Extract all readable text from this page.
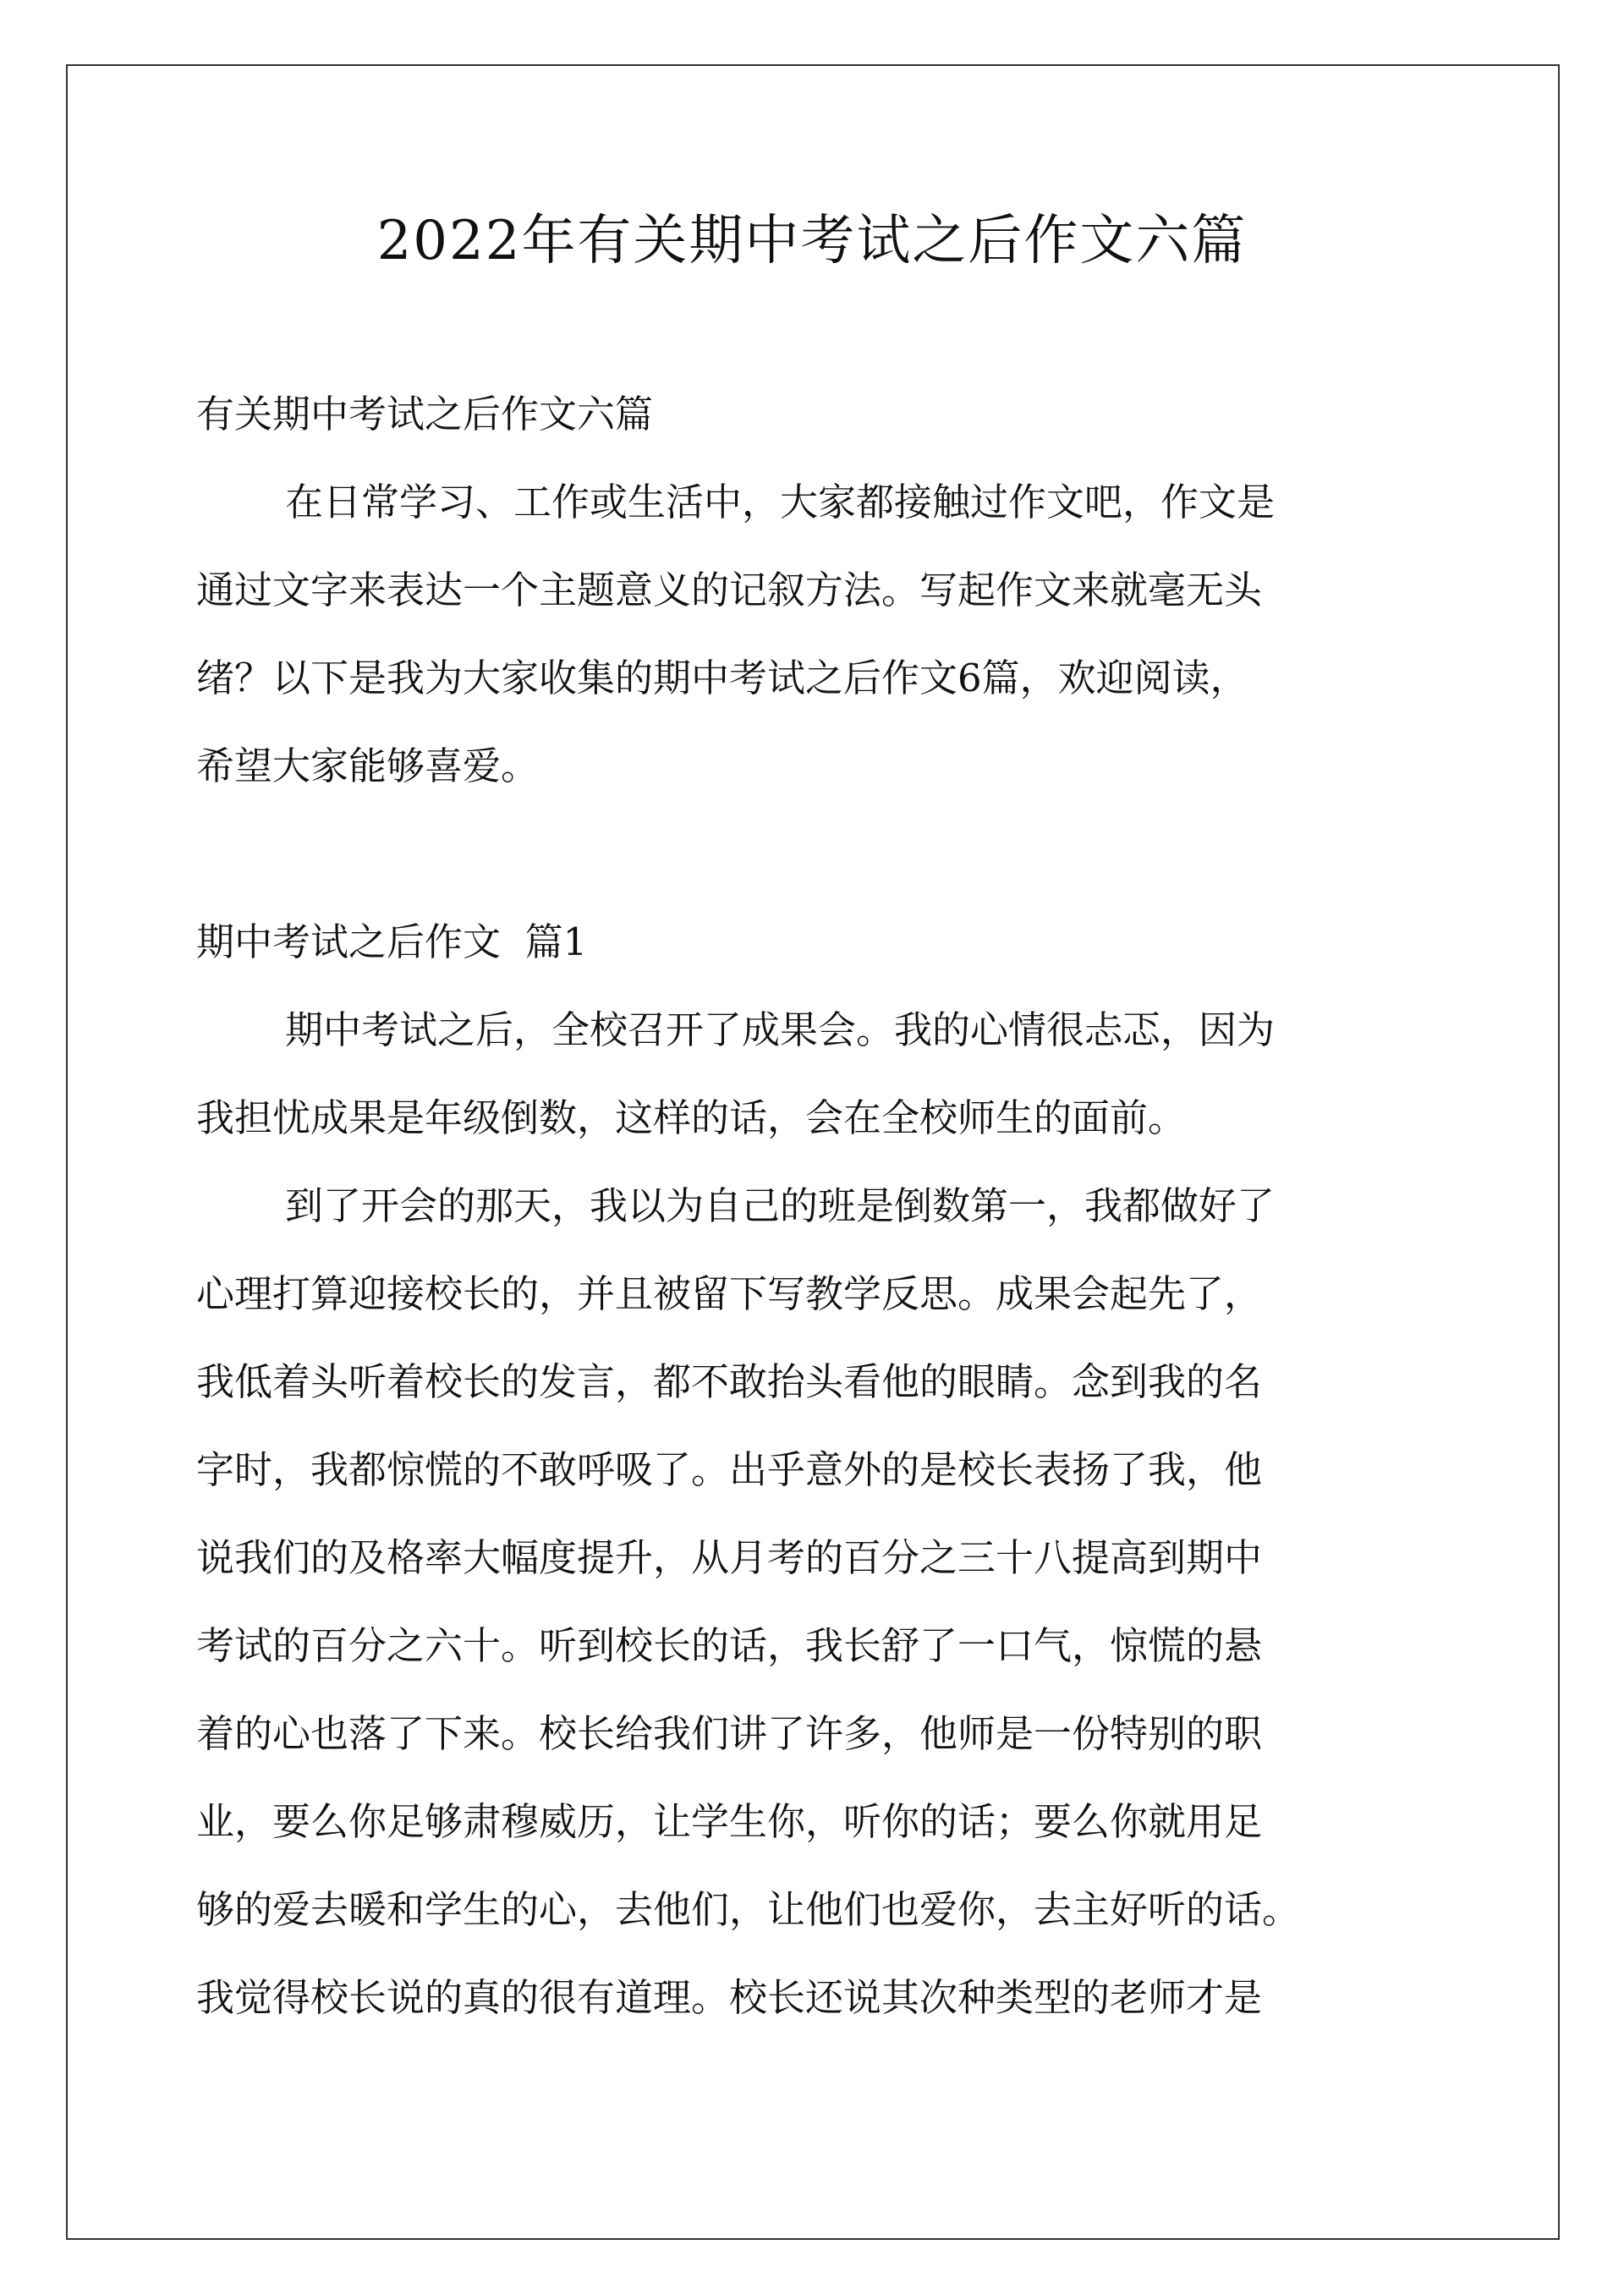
2022年有关期中考试之后作文六篇

有关期中考试之后作文六篇

在日常学习、工作或生活中，大家都接触过作文吧，作文是

通过文字来表达一个主题意义的记叙方法。写起作文来就毫无头

绪？以下是我为大家收集的期中考试之后作文6篇，欢迎阅读，

希望大家能够喜爱。

期中考试之后作文  篇1

期中考试之后，全校召开了成果会。我的心情很忐忑，因为

我担忧成果是年级倒数，这样的话，会在全校师生的面前。

到了开会的那天，我以为自己的班是倒数第一，我都做好了

心理打算迎接校长的，并且被留下写教学反思。成果会起先了，

我低着头听着校长的发言，都不敢抬头看他的眼睛。念到我的名

字时，我都惊慌的不敢呼吸了。出乎意外的是校长表扬了我，他

说我们的及格率大幅度提升，从月考的百分之三十八提高到期中

考试的百分之六十。听到校长的话，我长舒了一口气，惊慌的悬

着的心也落了下来。校长给我们讲了许多，他师是一份特别的职

业，要么你足够肃穆威历，让学生你，听你的话；要么你就用足

够的爱去暖和学生的心，去他们，让他们也爱你，去主好听的话。

我觉得校长说的真的很有道理。校长还说其次种类型的老师才是
